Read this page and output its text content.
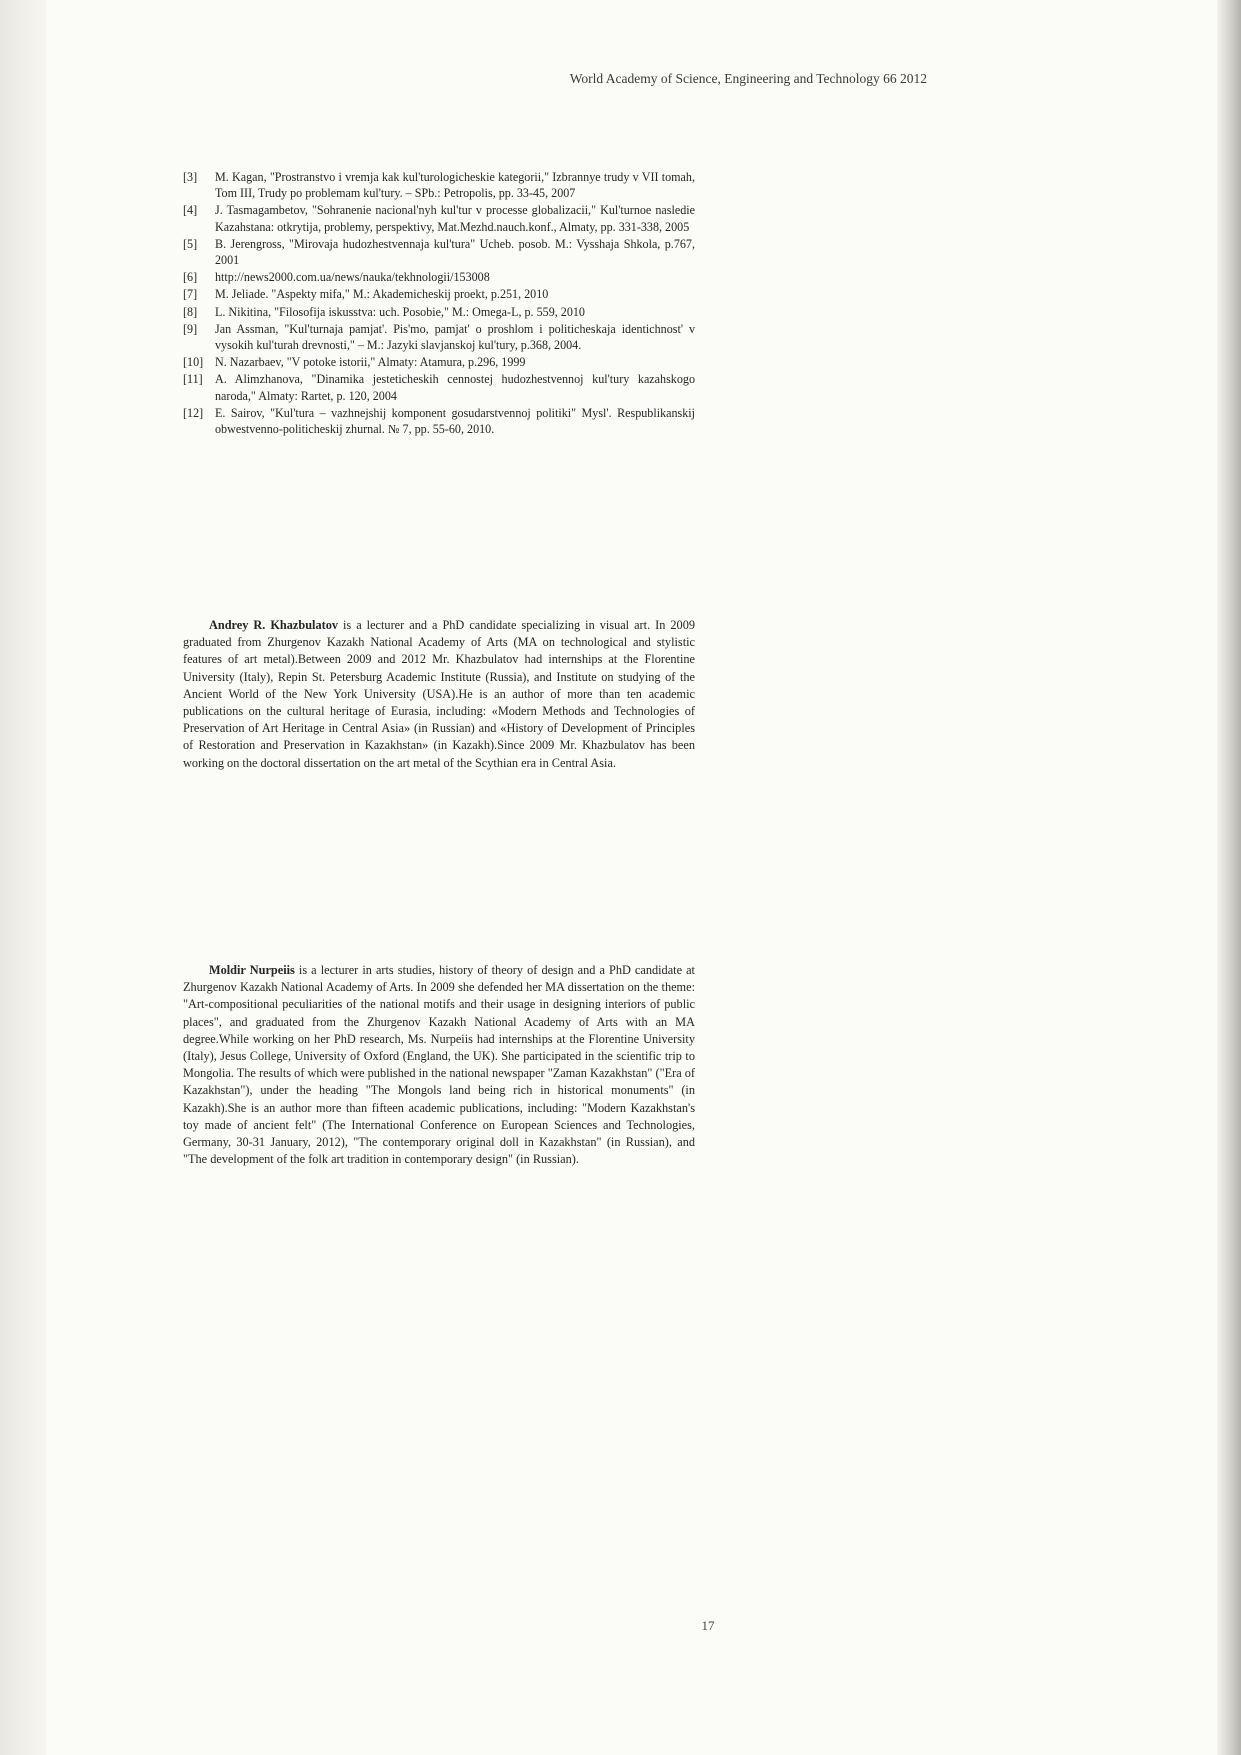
World Academy of Science, Engineering and Technology 66 2012
[3] M. Kagan, "Prostranstvo i vremja kak kul'turologicheskie kategorii," Izbrannye trudy v VII tomah, Tom III, Trudy po problemam kul'tury. – SPb.: Petropolis, pp. 33-45, 2007
[4] J. Tasmagambetov, "Sohranenie nacional'nyh kul'tur v processe globalizacii," Kul'turnoe nasledie Kazahstana: otkrytija, problemy, perspektivy, Mat.Mezhd.nauch.konf., Almaty, pp. 331-338, 2005
[5] B. Jerengross, "Mirovaja hudozhestvennaja kul'tura" Ucheb. posob. M.: Vysshaja Shkola, p.767, 2001
[6] http://news2000.com.ua/news/nauka/tekhnologii/153008
[7] M. Jeliade. "Aspekty mifa," M.: Akademicheskij proekt, p.251, 2010
[8] L. Nikitina, "Filosofija iskusstva: uch. Posobie," M.: Omega-L, p. 559, 2010
[9] Jan Assman, "Kul'turnaja pamjat'. Pis'mo, pamjat' o proshlom i politicheskaja identichnost' v vysokih kul'turah drevnosti," – M.: Jazyki slavjanskoj kul'tury, p.368, 2004.
[10] N. Nazarbaev, "V potoke istorii," Almaty: Atamura, p.296, 1999
[11] A. Alimzhanova, "Dinamika jesteticheskih cennostej hudozhestvennoj kul'tury kazahskogo naroda," Almaty: Rartet, p. 120, 2004
[12] E. Sairov, "Kul'tura – vazhnejshij komponent gosudarstvennoj politiki" Mysl'. Respublikanskij obwestvenno-politicheskij zhurnal. № 7, pp. 55-60, 2010.

Andrey R. Khazbulatov is a lecturer and a PhD candidate specializing in visual art. In 2009 graduated from Zhurgenov Kazakh National Academy of Arts (MA on technological and stylistic features of art metal).Between 2009 and 2012 Mr. Khazbulatov had internships at the Florentine University (Italy), Repin St. Petersburg Academic Institute (Russia), and Institute on studying of the Ancient World of the New York University (USA).He is an author of more than ten academic publications on the cultural heritage of Eurasia, including: «Modern Methods and Technologies of Preservation of Art Heritage in Central Asia» (in Russian) and «History of Development of Principles of Restoration and Preservation in Kazakhstan» (in Kazakh).Since 2009 Mr. Khazbulatov has been working on the doctoral dissertation on the art metal of the Scythian era in Central Asia.

Moldir Nurpeiis is a lecturer in arts studies, history of theory of design and a PhD candidate at Zhurgenov Kazakh National Academy of Arts. In 2009 she defended her MA dissertation on the theme: "Art-compositional peculiarities of the national motifs and their usage in designing interiors of public places", and graduated from the Zhurgenov Kazakh National Academy of Arts with an MA degree.While working on her PhD research, Ms. Nurpeiis had internships at the Florentine University (Italy), Jesus College, University of Oxford (England, the UK). She participated in the scientific trip to Mongolia. The results of which were published in the national newspaper "Zaman Kazakhstan" ("Era of Kazakhstan"), under the heading "The Mongols land being rich in historical monuments" (in Kazakh).She is an author more than fifteen academic publications, including: "Modern Kazakhstan's toy made of ancient felt" (The International Conference on European Sciences and Technologies, Germany, 30-31 January, 2012), "The contemporary original doll in Kazakhstan" (in Russian), and "The development of the folk art tradition in contemporary design" (in Russian).

17
